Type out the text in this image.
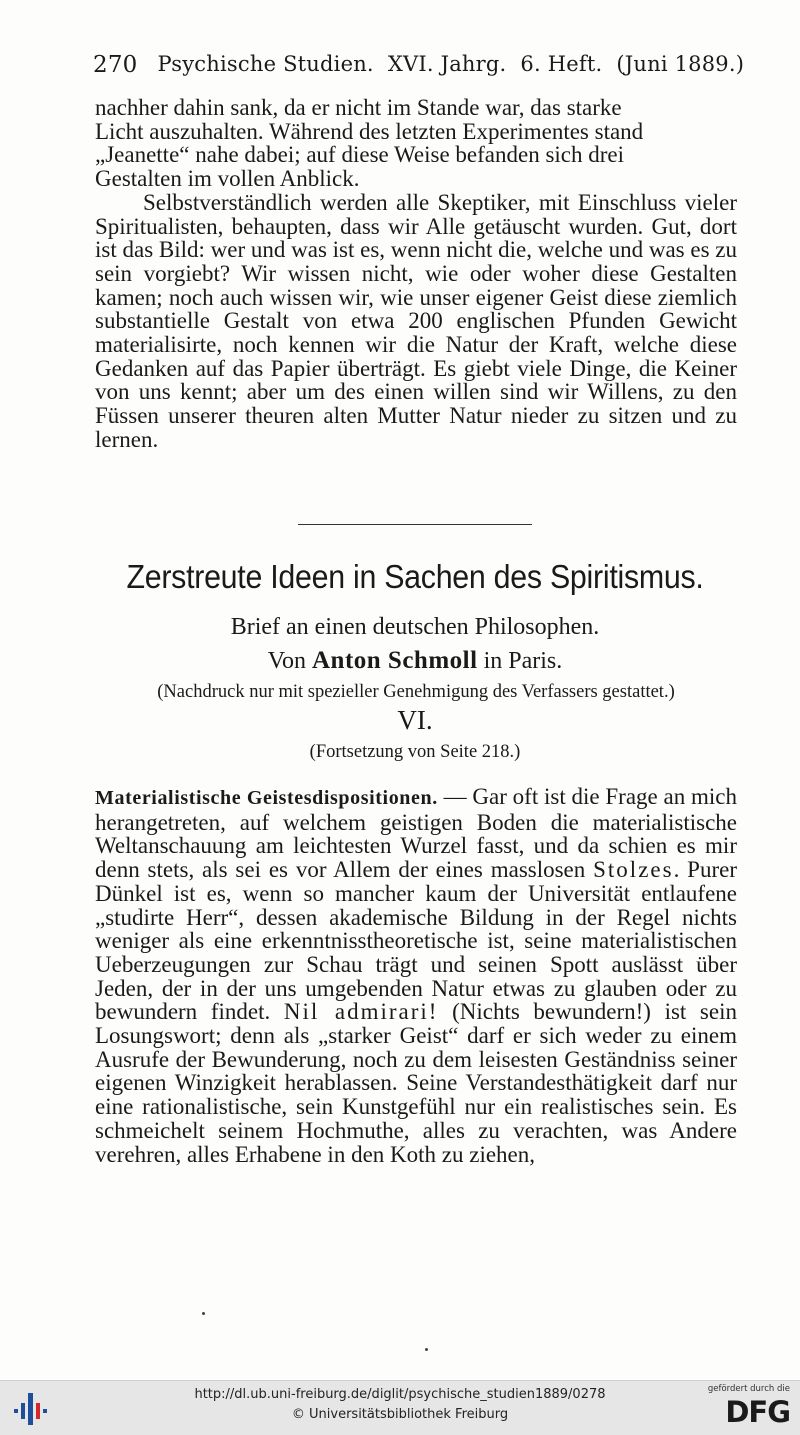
270 Psychische Studien. XVI. Jahrg. 6. Heft. (Juni 1889.)

nachher dahin sank, da er nicht im Stande war, das starke

Licht auszuhalten. Während des letzten Experimentes stand

„Jeanette“ nahe dabei; auf diese Weise befanden sich drei

Gestalten im vollen Anblick.

Selbstverständlich werden alle Skeptiker, mit Einschluss vieler Spiritualisten, behaupten, dass wir Alle getäuscht wurden. Gut, dort ist das Bild: wer und was ist es, wenn nicht die, welche und was es zu sein vorgiebt? Wir wissen nicht, wie oder woher diese Gestalten kamen; noch auch wissen wir, wie unser eigener Geist diese ziemlich substantielle Gestalt von etwa 200 englischen Pfunden Gewicht materialisirte, noch kennen wir die Natur der Kraft, welche diese Gedanken auf das Papier überträgt. Es giebt viele Dinge, die Keiner von uns kennt; aber um des einen willen sind wir Willens, zu den Füssen unserer theuren alten Mutter Natur nieder zu sitzen und zu lernen.

Zerstreute Ideen in Sachen des Spiritismus.
Brief an einen deutschen Philosophen.
Von Anton Schmoll in Paris.
(Nachdruck nur mit spezieller Genehmigung des Verfassers gestattet.)
VI.
(Fortsetzung von Seite 218.)

Materialistische Geistesdispositionen. — Gar oft ist die Frage an mich herangetreten, auf welchem geistigen Boden die materialistische Weltanschauung am leichtesten Wurzel fasst, und da schien es mir denn stets, als sei es vor Allem der eines masslosen Stolzes. Purer Dünkel ist es, wenn so mancher kaum der Universität entlaufene „studirte Herr“, dessen akademische Bildung in der Regel nichts weniger als eine erkenntnisstheoretische ist, seine materialistischen Ueberzeugungen zur Schau trägt und seinen Spott auslässt über Jeden, der in der uns umgebenden Natur etwas zu glauben oder zu bewundern findet. Nil admirari! (Nichts bewundern!) ist sein Losungswort; denn als „starker Geist“ darf er sich weder zu einem Ausrufe der Bewunderung, noch zu dem leisesten Geständniss seiner eigenen Winzigkeit herablassen. Seine Verstandesthätigkeit darf nur eine rationalistische, sein Kunstgefühl nur ein realistisches sein. Es schmeichelt seinem Hochmuthe, alles zu verachten, was Andere verehren, alles Erhabene in den Koth zu ziehen,

http://dl.ub.uni-freiburg.de/diglit/psychische_studien1889/0278
© Universitätsbibliothek Freiburg
gefördert durch die
DFG
